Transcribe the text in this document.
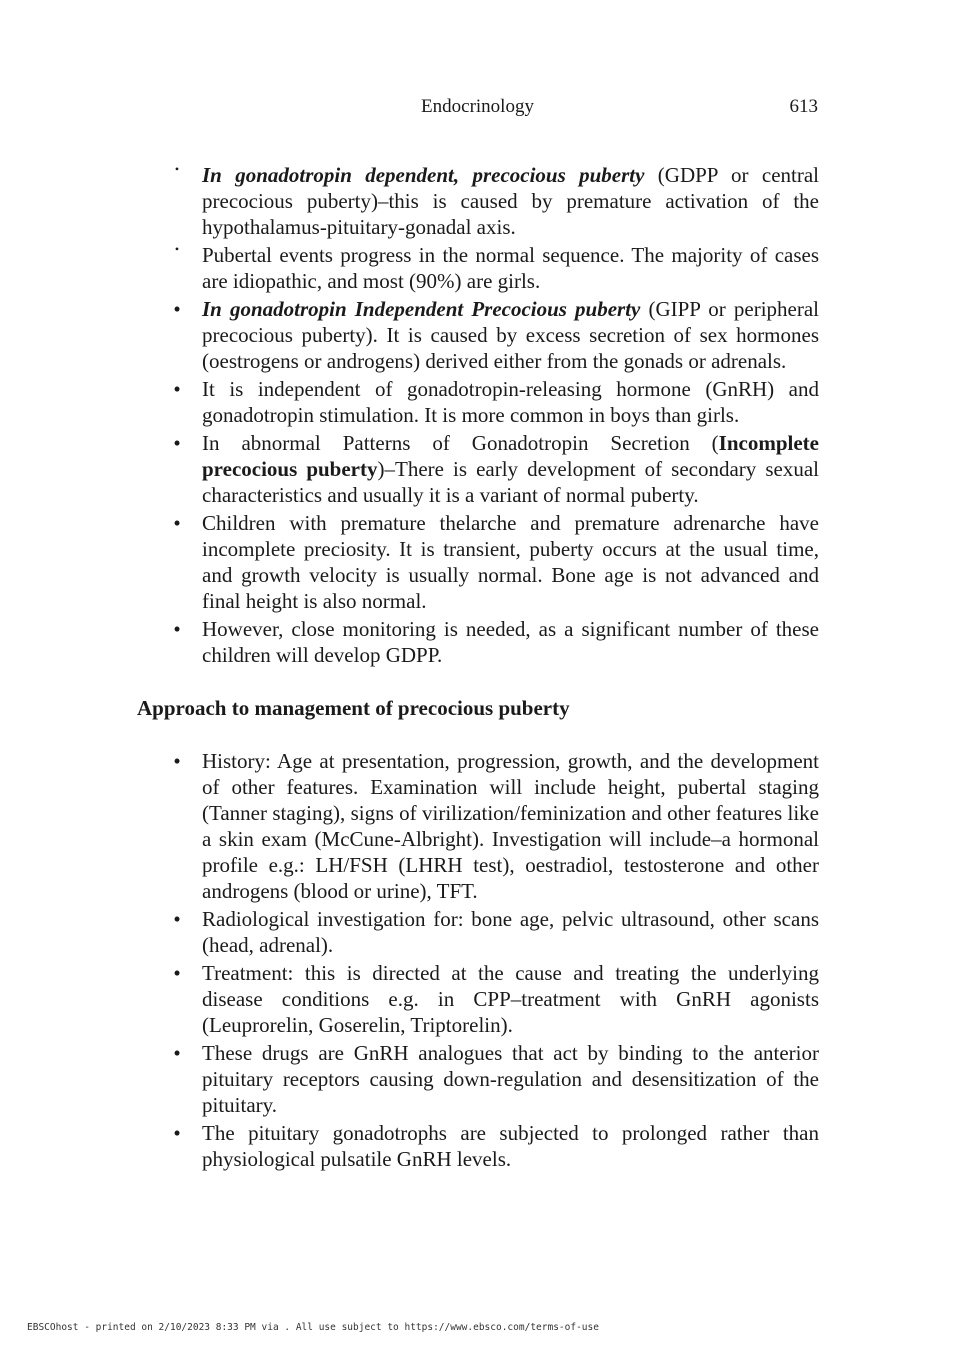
Endocrinology	613
•	In gonadotropin dependent, precocious puberty (GDPP or central precocious puberty)–this is caused by premature activation of the hypothalamus-pituitary-gonadal axis.
•	Pubertal events progress in the normal sequence. The majority of cases are idiopathic, and most (90%) are girls.
•	In gonadotropin Independent Precocious puberty (GIPP or peripheral precocious puberty). It is caused by excess secretion of sex hormones (oestrogens or androgens) derived either from the gonads or adrenals.
•	It is independent of gonadotropin-releasing hormone (GnRH) and gonadotropin stimulation. It is more common in boys than girls.
•	In abnormal Patterns of Gonadotropin Secretion (Incomplete precocious puberty)–There is early development of secondary sexual characteristics and usually it is a variant of normal puberty.
•	Children with premature thelarche and premature adrenarche have incomplete preciosity. It is transient, puberty occurs at the usual time, and growth velocity is usually normal. Bone age is not advanced and final height is also normal.
•	However, close monitoring is needed, as a significant number of these children will develop GDPP.
Approach to management of precocious puberty
•	History: Age at presentation, progression, growth, and the development of other features. Examination will include height, pubertal staging (Tanner staging), signs of virilization/feminization and other features like a skin exam (McCune-Albright). Investigation will include–a hormonal profile e.g.: LH/FSH (LHRH test), oestradiol, testosterone and other androgens (blood or urine), TFT.
•	Radiological investigation for: bone age, pelvic ultrasound, other scans (head, adrenal).
•	Treatment: this is directed at the cause and treating the underlying disease conditions e.g. in CPP–treatment with GnRH agonists (Leuprorelin, Goserelin, Triptorelin).
•	These drugs are GnRH analogues that act by binding to the anterior pituitary receptors causing down-regulation and desensitization of the pituitary.
•	The pituitary gonadotrophs are subjected to prolonged rather than physiological pulsatile GnRH levels.
EBSCOhost - printed on 2/10/2023 8:33 PM via . All use subject to https://www.ebsco.com/terms-of-use
